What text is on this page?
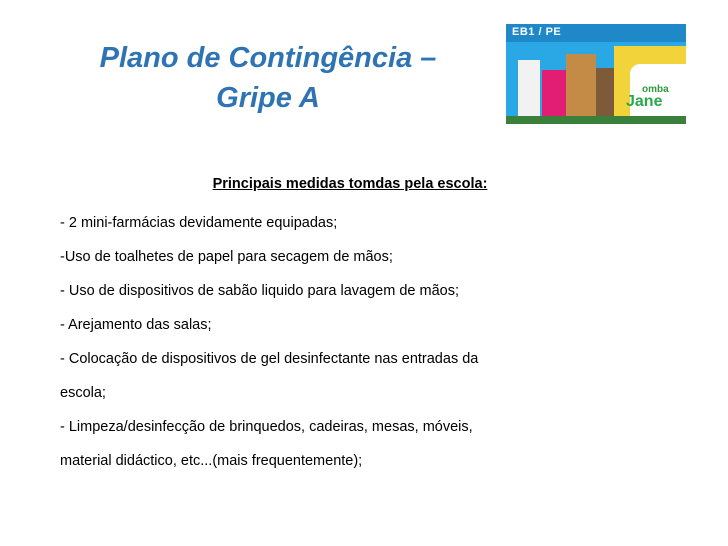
Plano de Contingência –
Gripe A
EB1 / PE
omba
Jane
Principais medidas tomdas pela escola:

- 2 mini-farmácias devidamente equipadas;

-Uso de toalhetes de papel para secagem de mãos;

- Uso de dispositivos de sabão liquido para lavagem de mãos;

- Arejamento das salas;

- Colocação de dispositivos de gel desinfectante nas entradas da

escola;

- Limpeza/desinfecção de brinquedos, cadeiras, mesas, móveis,

material didáctico, etc...(mais frequentemente);
